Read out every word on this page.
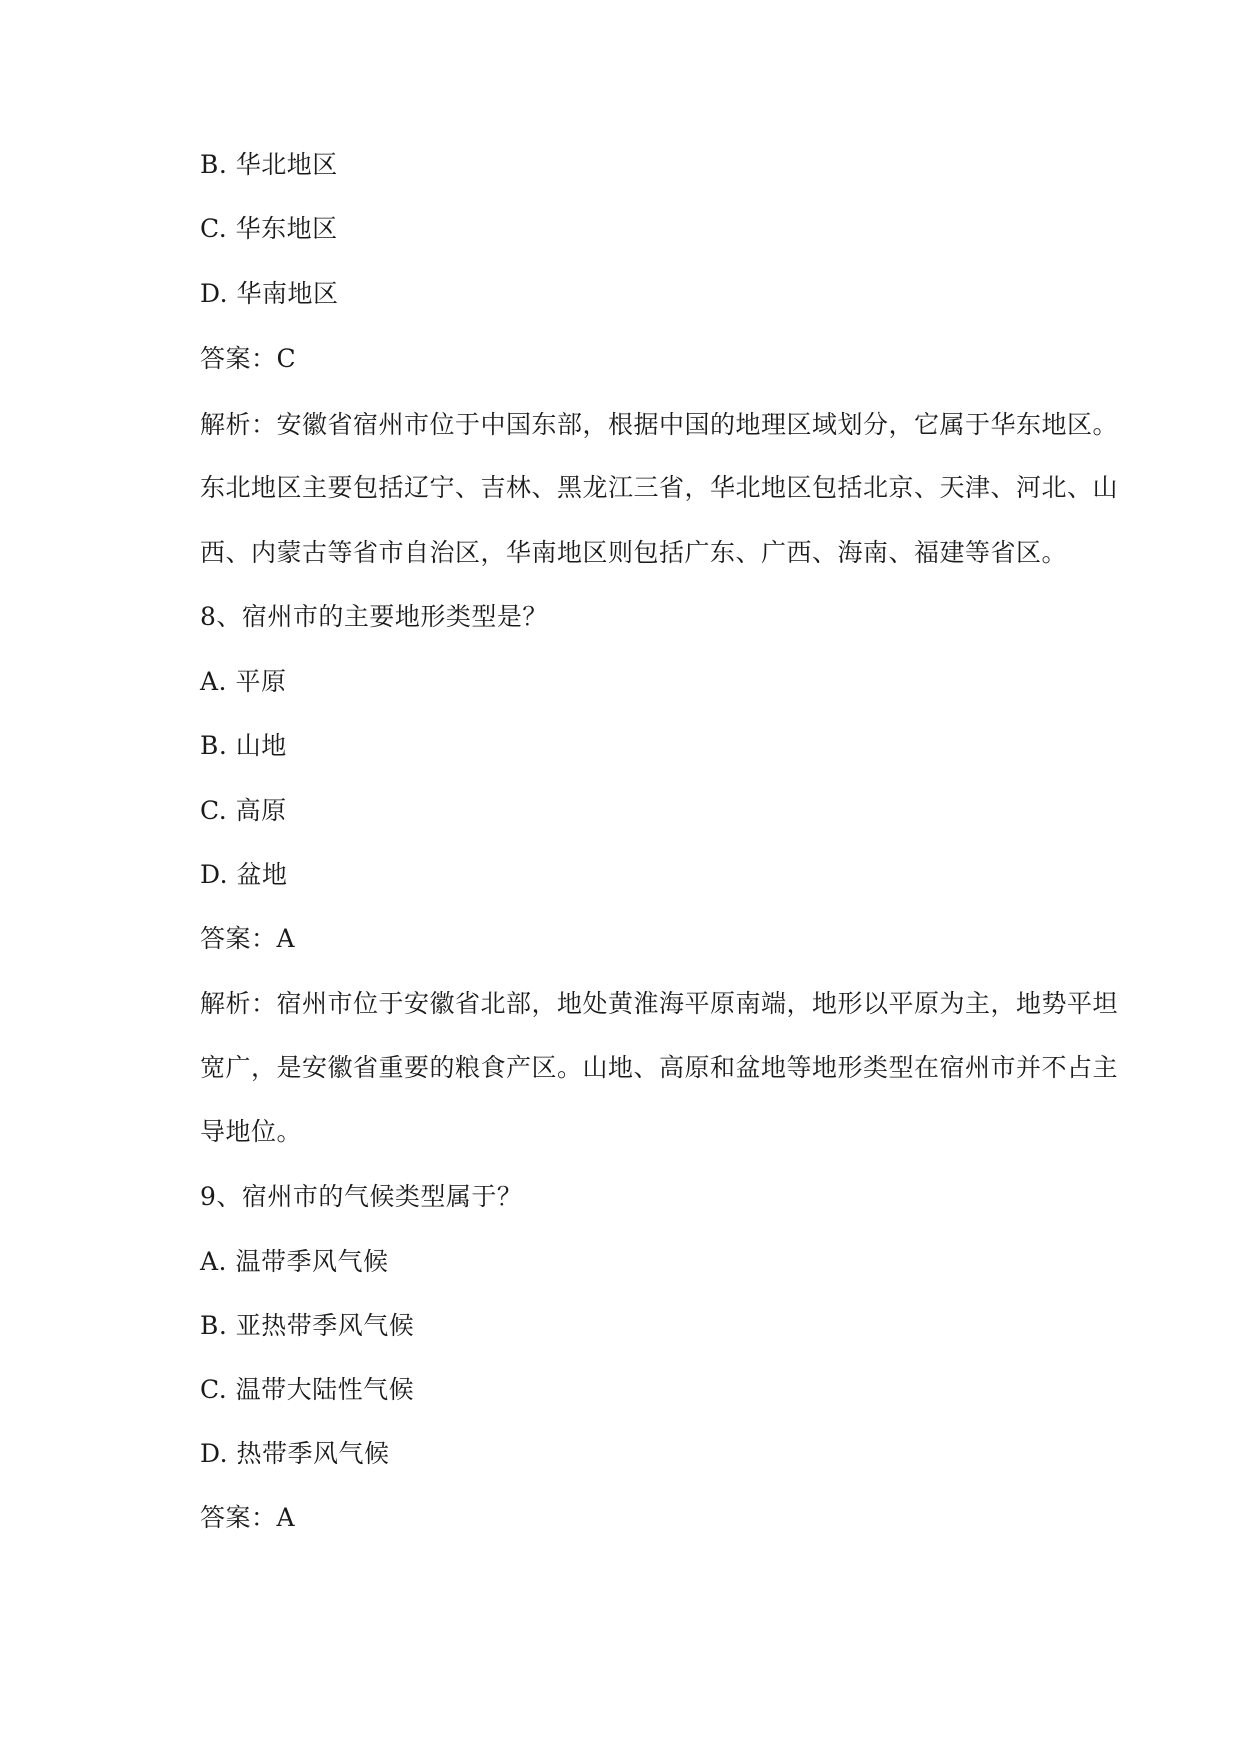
B. 华北地区
C. 华东地区
D. 华南地区
答案：C
解析：安徽省宿州市位于中国东部，根据中国的地理区域划分，它属于华东地区。
东北地区主要包括辽宁、吉林、黑龙江三省，华北地区包括北京、天津、河北、山
西、内蒙古等省市自治区，华南地区则包括广东、广西、海南、福建等省区。
8、宿州市的主要地形类型是？
A. 平原
B. 山地
C. 高原
D. 盆地
答案：A
解析：宿州市位于安徽省北部，地处黄淮海平原南端，地形以平原为主，地势平坦
宽广，是安徽省重要的粮食产区。山地、高原和盆地等地形类型在宿州市并不占主
导地位。
9、宿州市的气候类型属于？
A. 温带季风气候
B. 亚热带季风气候
C. 温带大陆性气候
D. 热带季风气候
答案：A
